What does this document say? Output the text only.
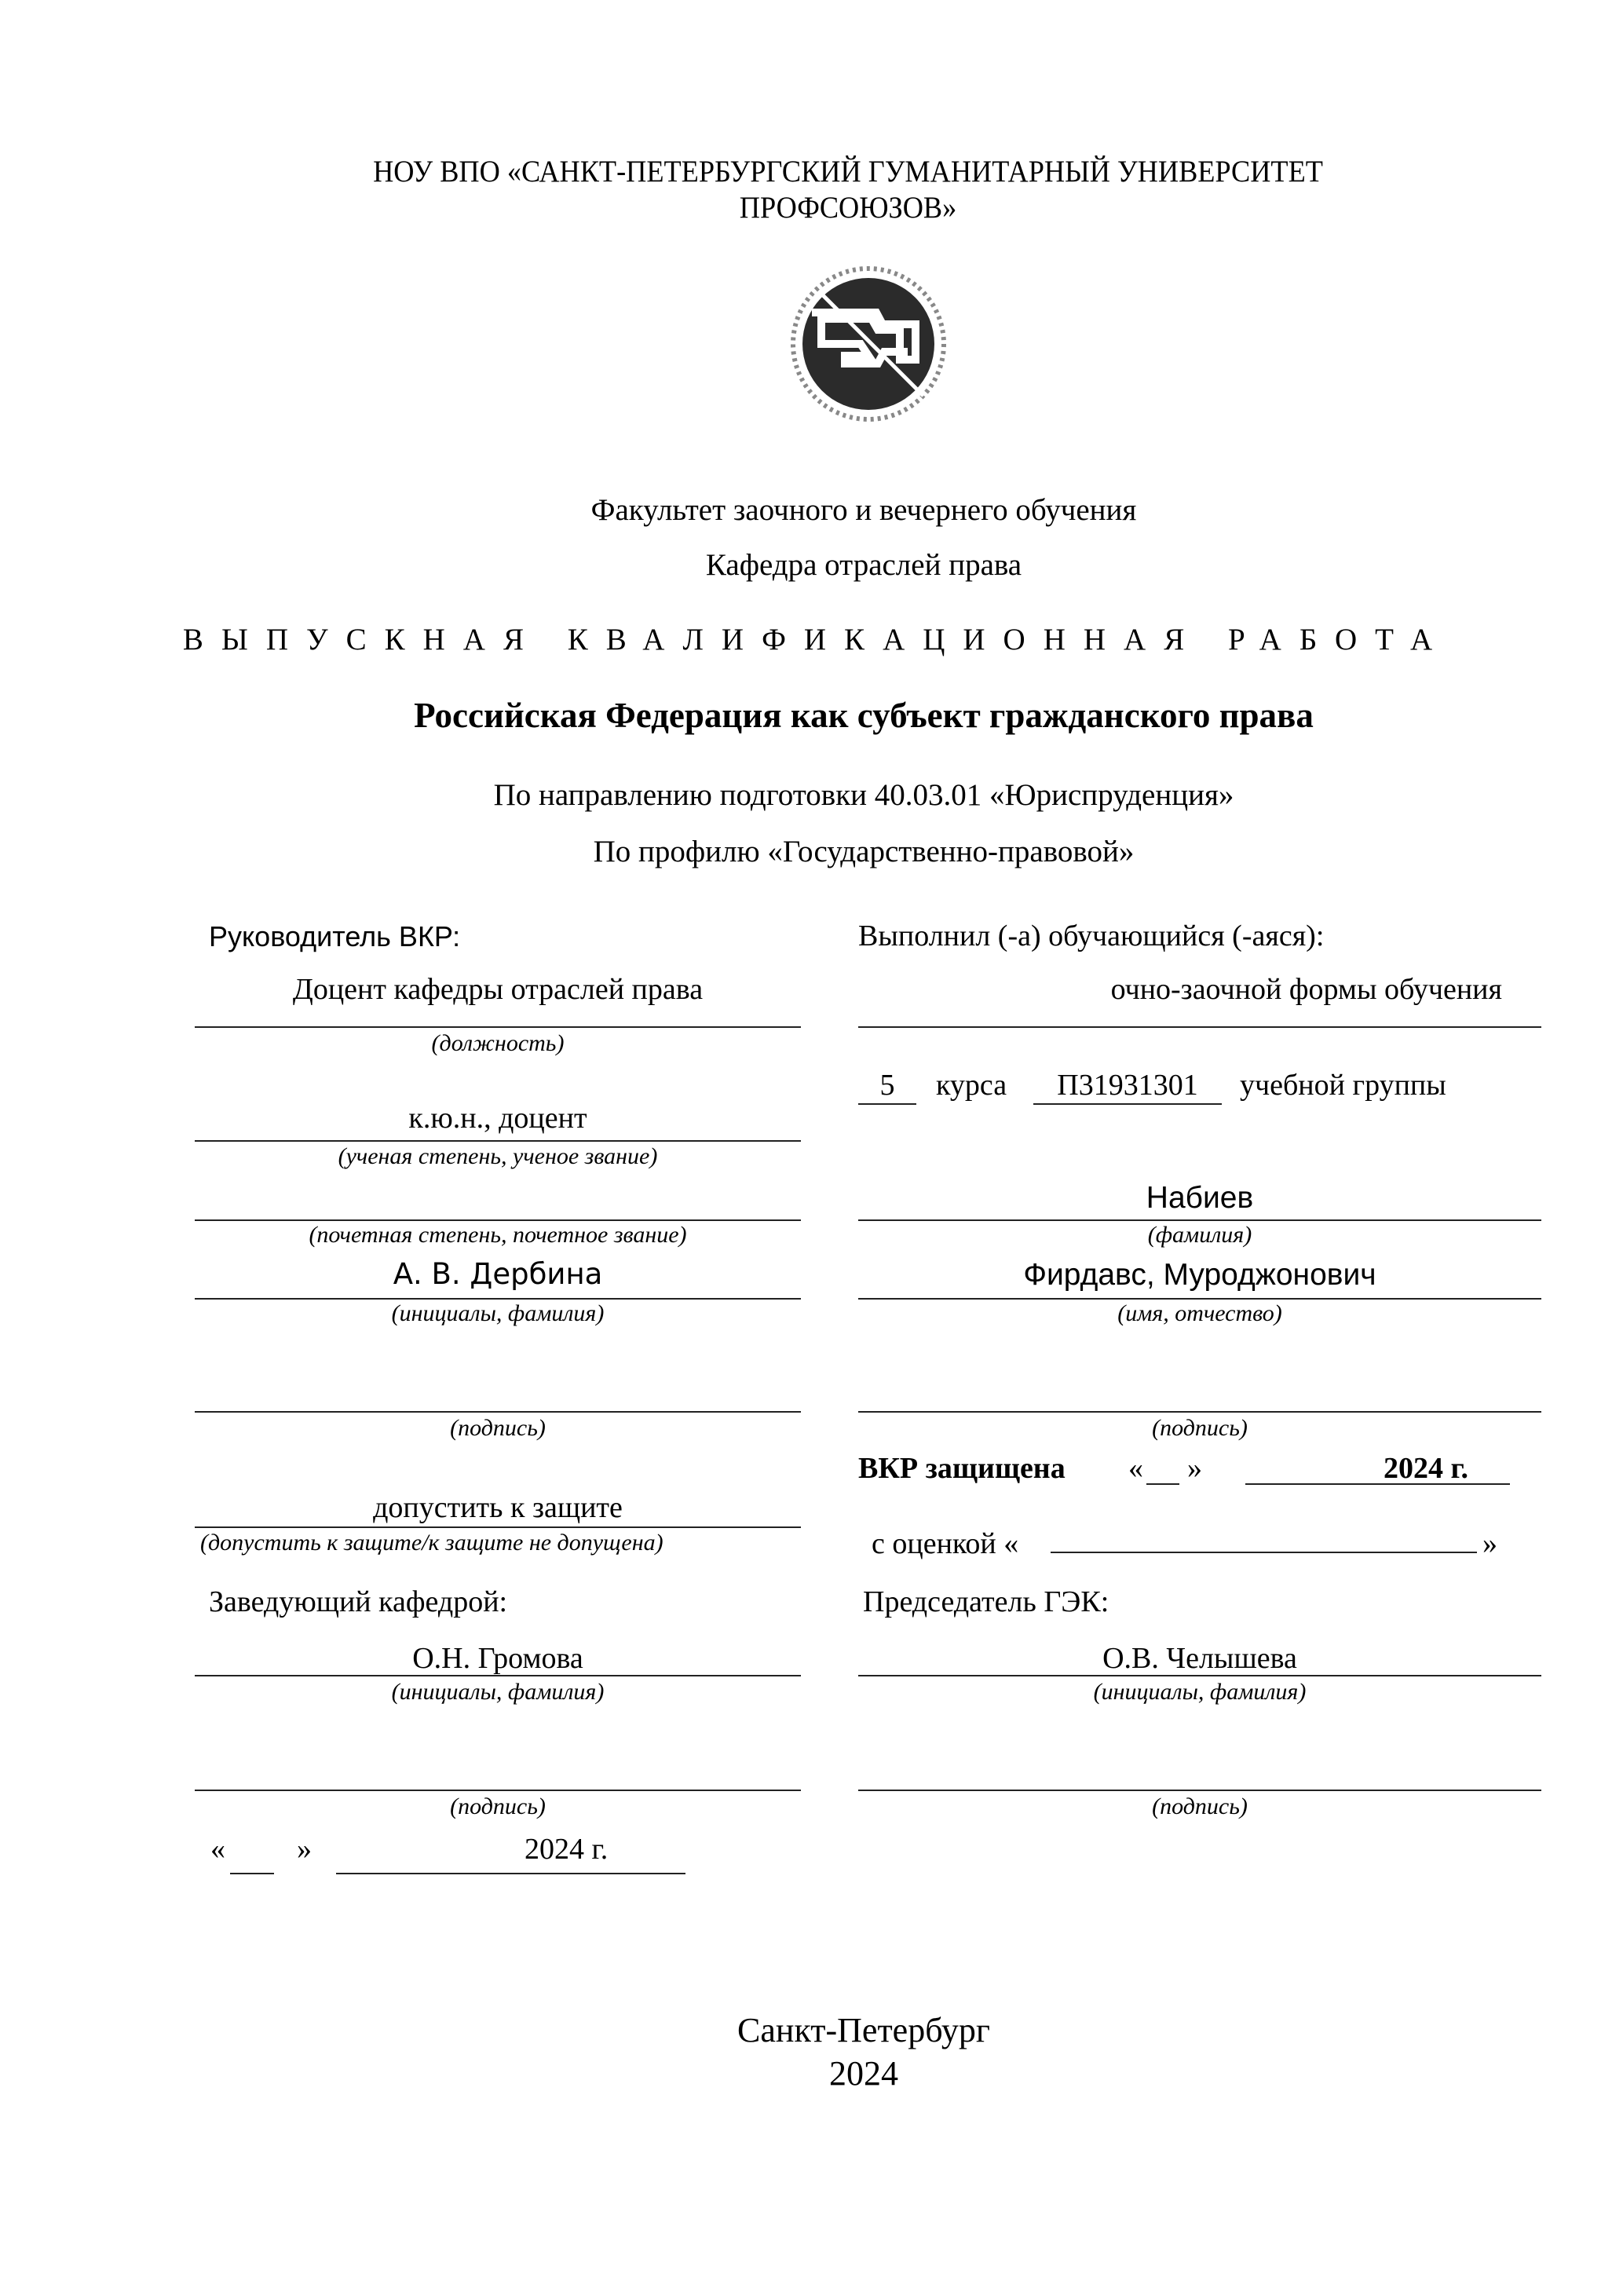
НОУ ВПО «САНКТ-ПЕТЕРБУРГСКИЙ ГУМАНИТАРНЫЙ УНИВЕРСИТЕТ
ПРОФСОЮЗОВ»
Факультет заочного и вечернего обучения
Кафедра отраслей права
ВЫПУСКНАЯ КВАЛИФИКАЦИОННАЯ РАБОТА
Российская Федерация как субъект гражданского права
По направлению подготовки 40.03.01 «Юриспруденция»
По профилю «Государственно-правовой»
Руководитель ВКР:
Доцент кафедры отраслей права
(должность)
к.ю.н., доцент
(ученая степень, ученое звание)
(почетная степень, почетное звание)
А. В. Дербина
(инициалы, фамилия)
(подпись)
допустить к защите
(допустить к защите/к защите не допущена)
Заведующий кафедрой:
О.Н. Громова
(инициалы, фамилия)
(подпись)
« »	2024 г.
Выполнил (-а) обучающийся (-аяся):
очно-заочной формы обучения
5	курса	П31931301	учебной группы
Набиев
(фамилия)
Фирдавс, Муроджонович
(имя, отчество)
(подпись)
ВКР защищена « »	2024 г.
с оценкой «	»
Председатель ГЭК:
О.В. Челышева
(инициалы, фамилия)
(подпись)
Санкт-Петербург
2024
